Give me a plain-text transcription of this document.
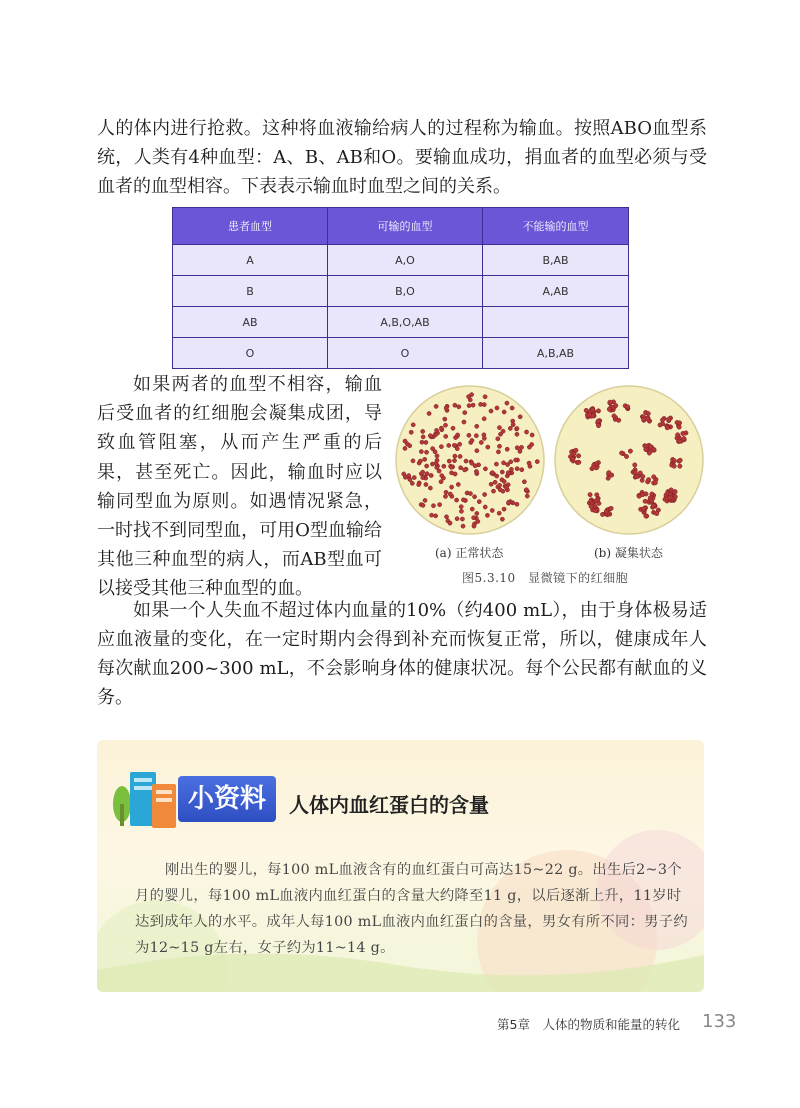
人的体内进行抢救。这种将血液输给病人的过程称为输血。按照ABO血型系统，人类有4种血型：A、B、AB和O。要输血成功，捐血者的血型必须与受血者的血型相容。下表表示输血时血型之间的关系。

患者血型	可输的血型	不能输的血型
A	A,O	B,AB
B	B,O	A,AB
AB	A,B,O,AB	
O	O	A,B,AB

如果两者的血型不相容，输血后受血者的红细胞会凝集成团，导致血管阻塞，从而产生严重的后果，甚至死亡。因此，输血时应以输同型血为原则。如遇情况紧急，一时找不到同型血，可用O型血输给其他三种血型的病人，而AB型血可以接受其他三种血型的血。

(a) 正常状态	(b) 凝集状态
图5.3.10　显微镜下的红细胞

如果一个人失血不超过体内血量的10%（约400 mL），由于身体极易适应血液量的变化，在一定时期内会得到补充而恢复正常，所以，健康成年人每次献血200~300 mL，不会影响身体的健康状况。每个公民都有献血的义务。

小资料	人体内血红蛋白的含量

刚出生的婴儿，每100 mL血液含有的血红蛋白可高达15~22 g。出生后2~3个月的婴儿，每100 mL血液内血红蛋白的含量大约降至11 g，以后逐渐上升，11岁时达到成年人的水平。成年人每100 mL血液内血红蛋白的含量，男女有所不同：男子约为12~15 g左右，女子约为11~14 g。

第5章　人体的物质和能量的转化 133
